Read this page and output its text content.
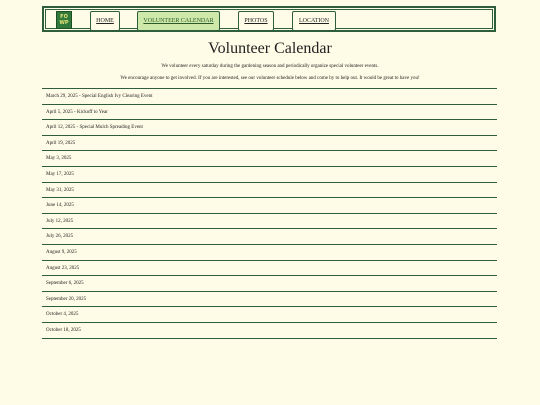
FO
WP	HOME	VOLUNTEER CALENDAR	PHOTOS	LOCATION
Volunteer Calendar

We volunteer every saturday during the gardening season and periodically organize special volunteer events.

We encourage anyone to get involved. If you are interested, see our volunteer schedule below and come by to help out. It would be great to have you!

March 29, 2025 - Special English Ivy Clearing Event
April 5, 2025 - Kickoff to Year
April 12, 2025 - Special Mulch Spreading Event
April 19, 2025
May 3, 2025
May 17, 2025
May 31, 2025
June 14, 2025
July 12, 2025
July 26, 2025
August 9, 2025
August 23, 2025
September 6, 2025
September 20, 2025
October 4, 2025
October 18, 2025
